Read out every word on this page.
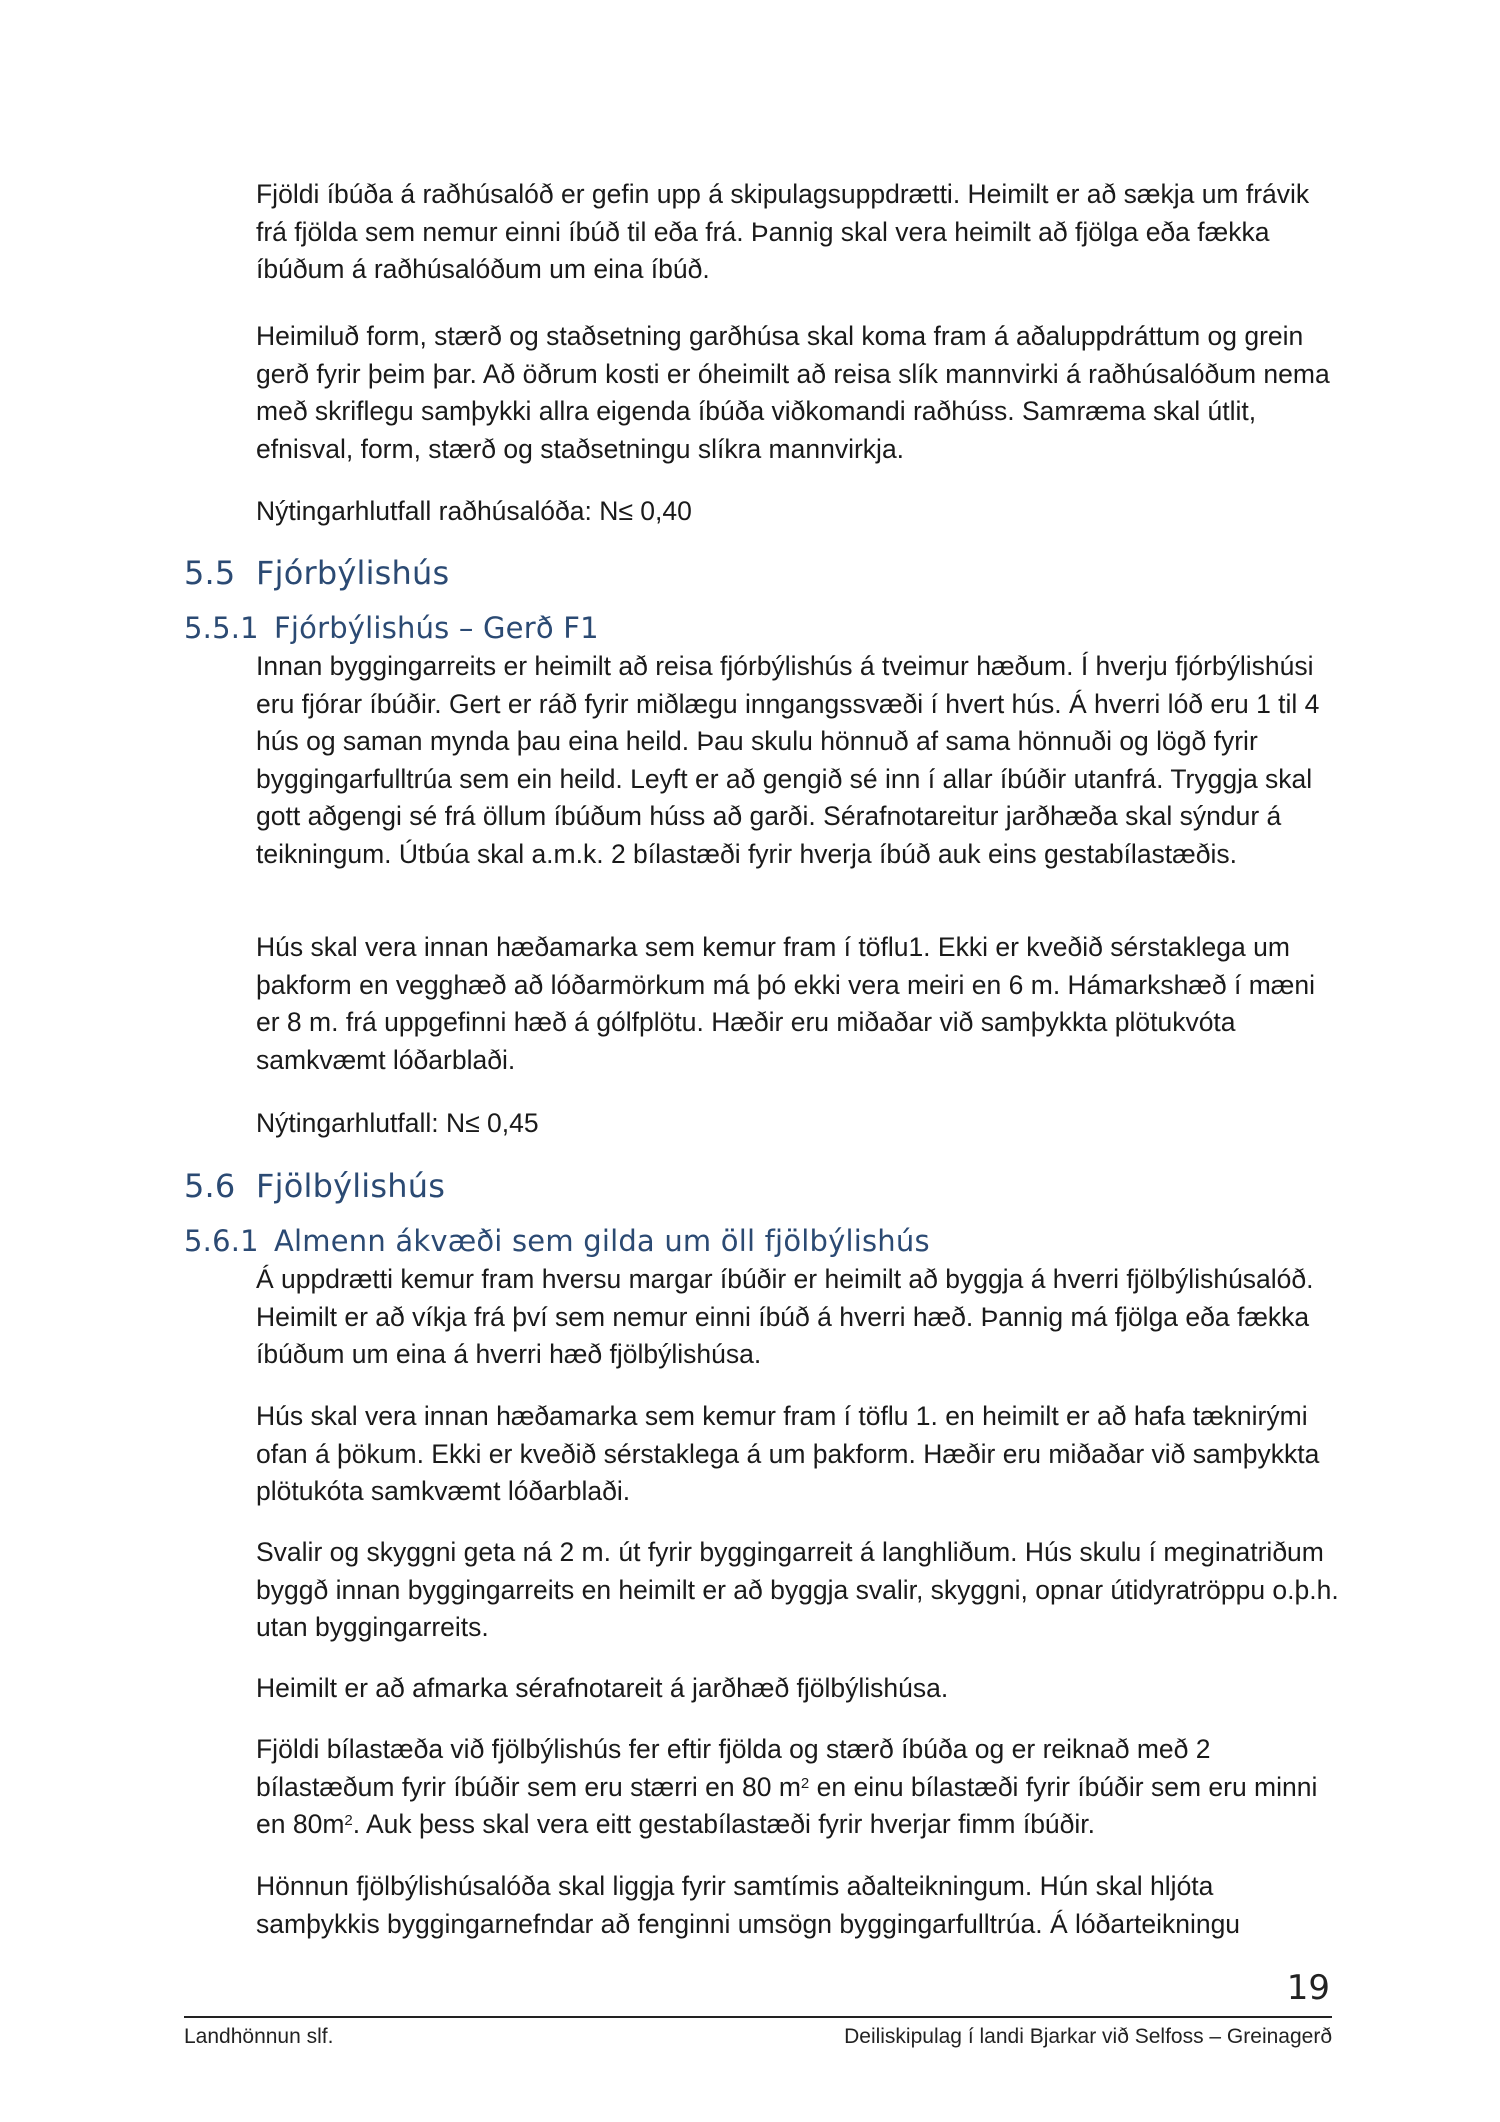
Fjöldi íbúða á raðhúsalóð er gefin upp á skipulagsuppdrætti. Heimilt er að sækja um frávik frá fjölda sem nemur einni íbúð til eða frá. Þannig skal vera heimilt að fjölga eða fækka íbúðum á raðhúsalóðum um eina íbúð.

Heimiluð form, stærð og staðsetning garðhúsa skal koma fram á aðaluppdráttum og grein gerð fyrir þeim þar. Að öðrum kosti er óheimilt að reisa slík mannvirki á raðhúsalóðum nema með skriflegu samþykki allra eigenda íbúða viðkomandi raðhúss. Samræma skal útlit, efnisval, form, stærð og staðsetningu slíkra mannvirkja.

Nýtingarhlutfall raðhúsalóða: N≤ 0,40

5.5 Fjórbýlishús
5.5.1 Fjórbýlishús – Gerð F1

Innan byggingarreits er heimilt að reisa fjórbýlishús á tveimur hæðum. Í hverju fjórbýlishúsi eru fjórar íbúðir. Gert er ráð fyrir miðlægu inngangssvæði í hvert hús. Á hverri lóð eru 1 til 4 hús og saman mynda þau eina heild. Þau skulu hönnuð af sama hönnuði og lögð fyrir byggingarfulltrúa sem ein heild. Leyft er að gengið sé inn í allar íbúðir utanfrá. Tryggja skal gott aðgengi sé frá öllum íbúðum húss að garði. Sérafnotareitur jarðhæða skal sýndur á teikningum. Útbúa skal a.m.k. 2 bílastæði fyrir hverja íbúð auk eins gestabílastæðis.

Hús skal vera innan hæðamarka sem kemur fram í töflu1. Ekki er kveðið sérstaklega um þakform en vegghæð að lóðarmörkum má þó ekki vera meiri en 6 m. Hámarkshæð í mæni er 8 m. frá uppgefinni hæð á gólfplötu. Hæðir eru miðaðar við samþykkta plötukvóta samkvæmt lóðarblaði.

Nýtingarhlutfall: N≤ 0,45

5.6 Fjölbýlishús
5.6.1 Almenn ákvæði sem gilda um öll fjölbýlishús

Á uppdrætti kemur fram hversu margar íbúðir er heimilt að byggja á hverri fjölbýlishúsalóð. Heimilt er að víkja frá því sem nemur einni íbúð á hverri hæð. Þannig má fjölga eða fækka íbúðum um eina á hverri hæð fjölbýlishúsa.

Hús skal vera innan hæðamarka sem kemur fram í töflu 1. en heimilt er að hafa tæknirými ofan á þökum. Ekki er kveðið sérstaklega á um þakform. Hæðir eru miðaðar við samþykkta plötukóta samkvæmt lóðarblaði.

Svalir og skyggni geta ná 2 m. út fyrir byggingarreit á langhliðum. Hús skulu í meginatriðum byggð innan byggingarreits en heimilt er að byggja svalir, skyggni, opnar útidyratröppu o.þ.h. utan byggingarreits.

Heimilt er að afmarka sérafnotareit á jarðhæð fjölbýlishúsa.

Fjöldi bílastæða við fjölbýlishús fer eftir fjölda og stærð íbúða og er reiknað með 2 bílastæðum fyrir íbúðir sem eru stærri en 80 $m^2$ en einu bílastæði fyrir íbúðir sem eru minni en $80m^2$. Auk þess skal vera eitt gestabílastæði fyrir hverjar fimm íbúðir.

Hönnun fjölbýlishúsalóða skal liggja fyrir samtímis aðalteikningum. Hún skal hljóta samþykkis byggingarnefndar að fenginni umsögn byggingarfulltrúa. Á lóðarteikningu

19
Landhönnun slf.	Deiliskipulag í landi Bjarkar við Selfoss – Greinagerð
